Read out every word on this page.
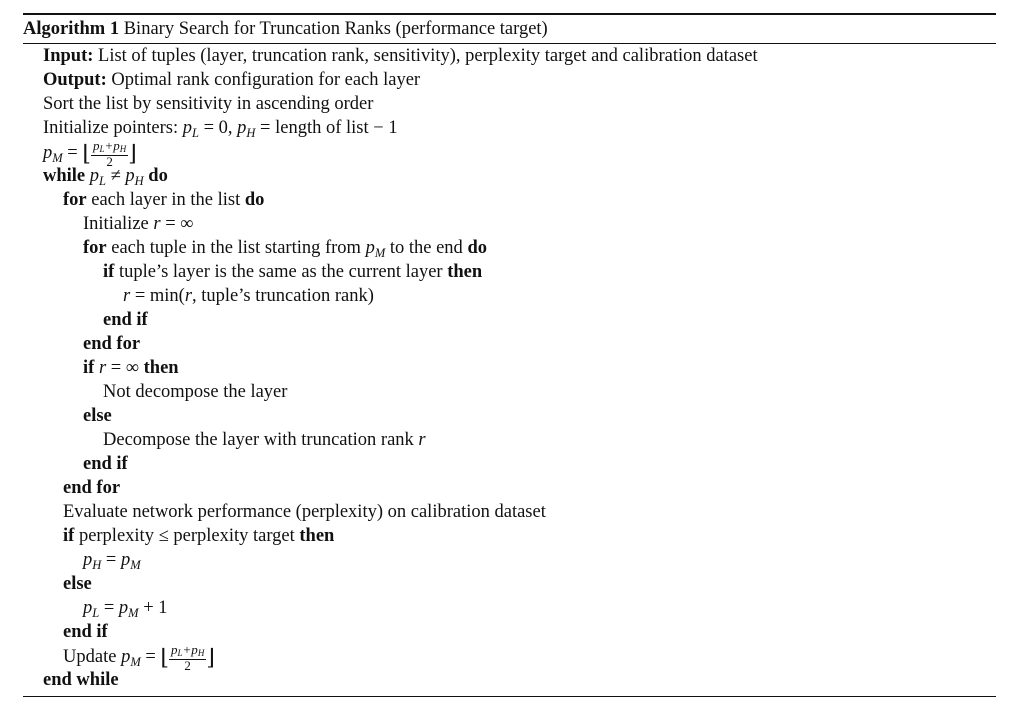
Algorithm 1 Binary Search for Truncation Ranks (performance target)
Input: List of tuples (layer, truncation rank, sensitivity), perplexity target and calibration dataset
Output: Optimal rank configuration for each layer
Sort the list by sensitivity in ascending order
Initialize pointers: $p_L = 0$, $p_H$ = length of list − 1
$p_M$ = ⌊ $\frac{pL+pH}{2}$ ⌋
while $p_L \ne p_H$ do
for each layer in the list do
Initialize r = ∞
for each tuple in the list starting from $p_M$ to the end do
if tuple’s layer is the same as the current layer then
r = min(r, tuple’s truncation rank)
end if
end for
if r = ∞ then
Not decompose the layer
else
Decompose the layer with truncation rank r
end if
end for
Evaluate network performance (perplexity) on calibration dataset
if perplexity ≤ perplexity target then
$p_H = p_M$
else
$p_L = p_M + 1$
end if
Update $p_M$ = ⌊ $\frac{pL+pH}{2}$ ⌋
end while
